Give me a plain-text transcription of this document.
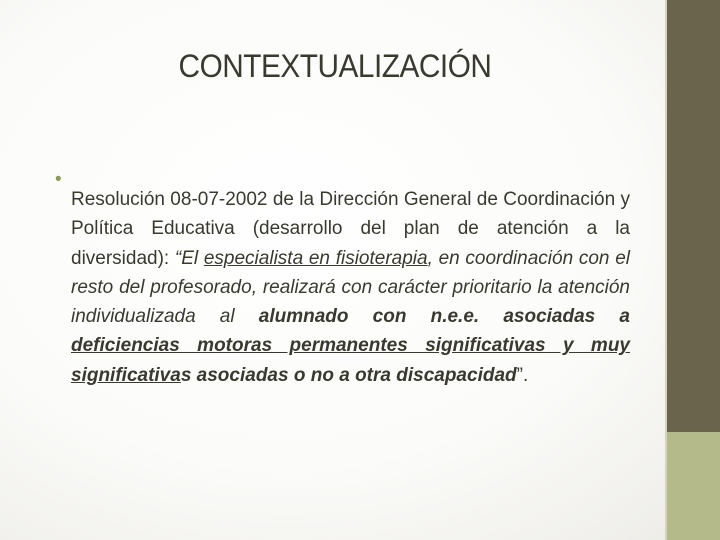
CONTEXTUALIZACIÓN
•

Resolución 08-07-2002 de la Dirección General de Coordinación y Política Educativa (desarrollo del plan de atención a la diversidad): “El especialista en fisioterapia, en coordinación con el resto del profesorado, realizará con carácter prioritario la atención individualizada al alumnado con n.e.e. asociadas a deficiencias motoras permanentes significativas y muy significativas asociadas o no a otra discapacidad”.
